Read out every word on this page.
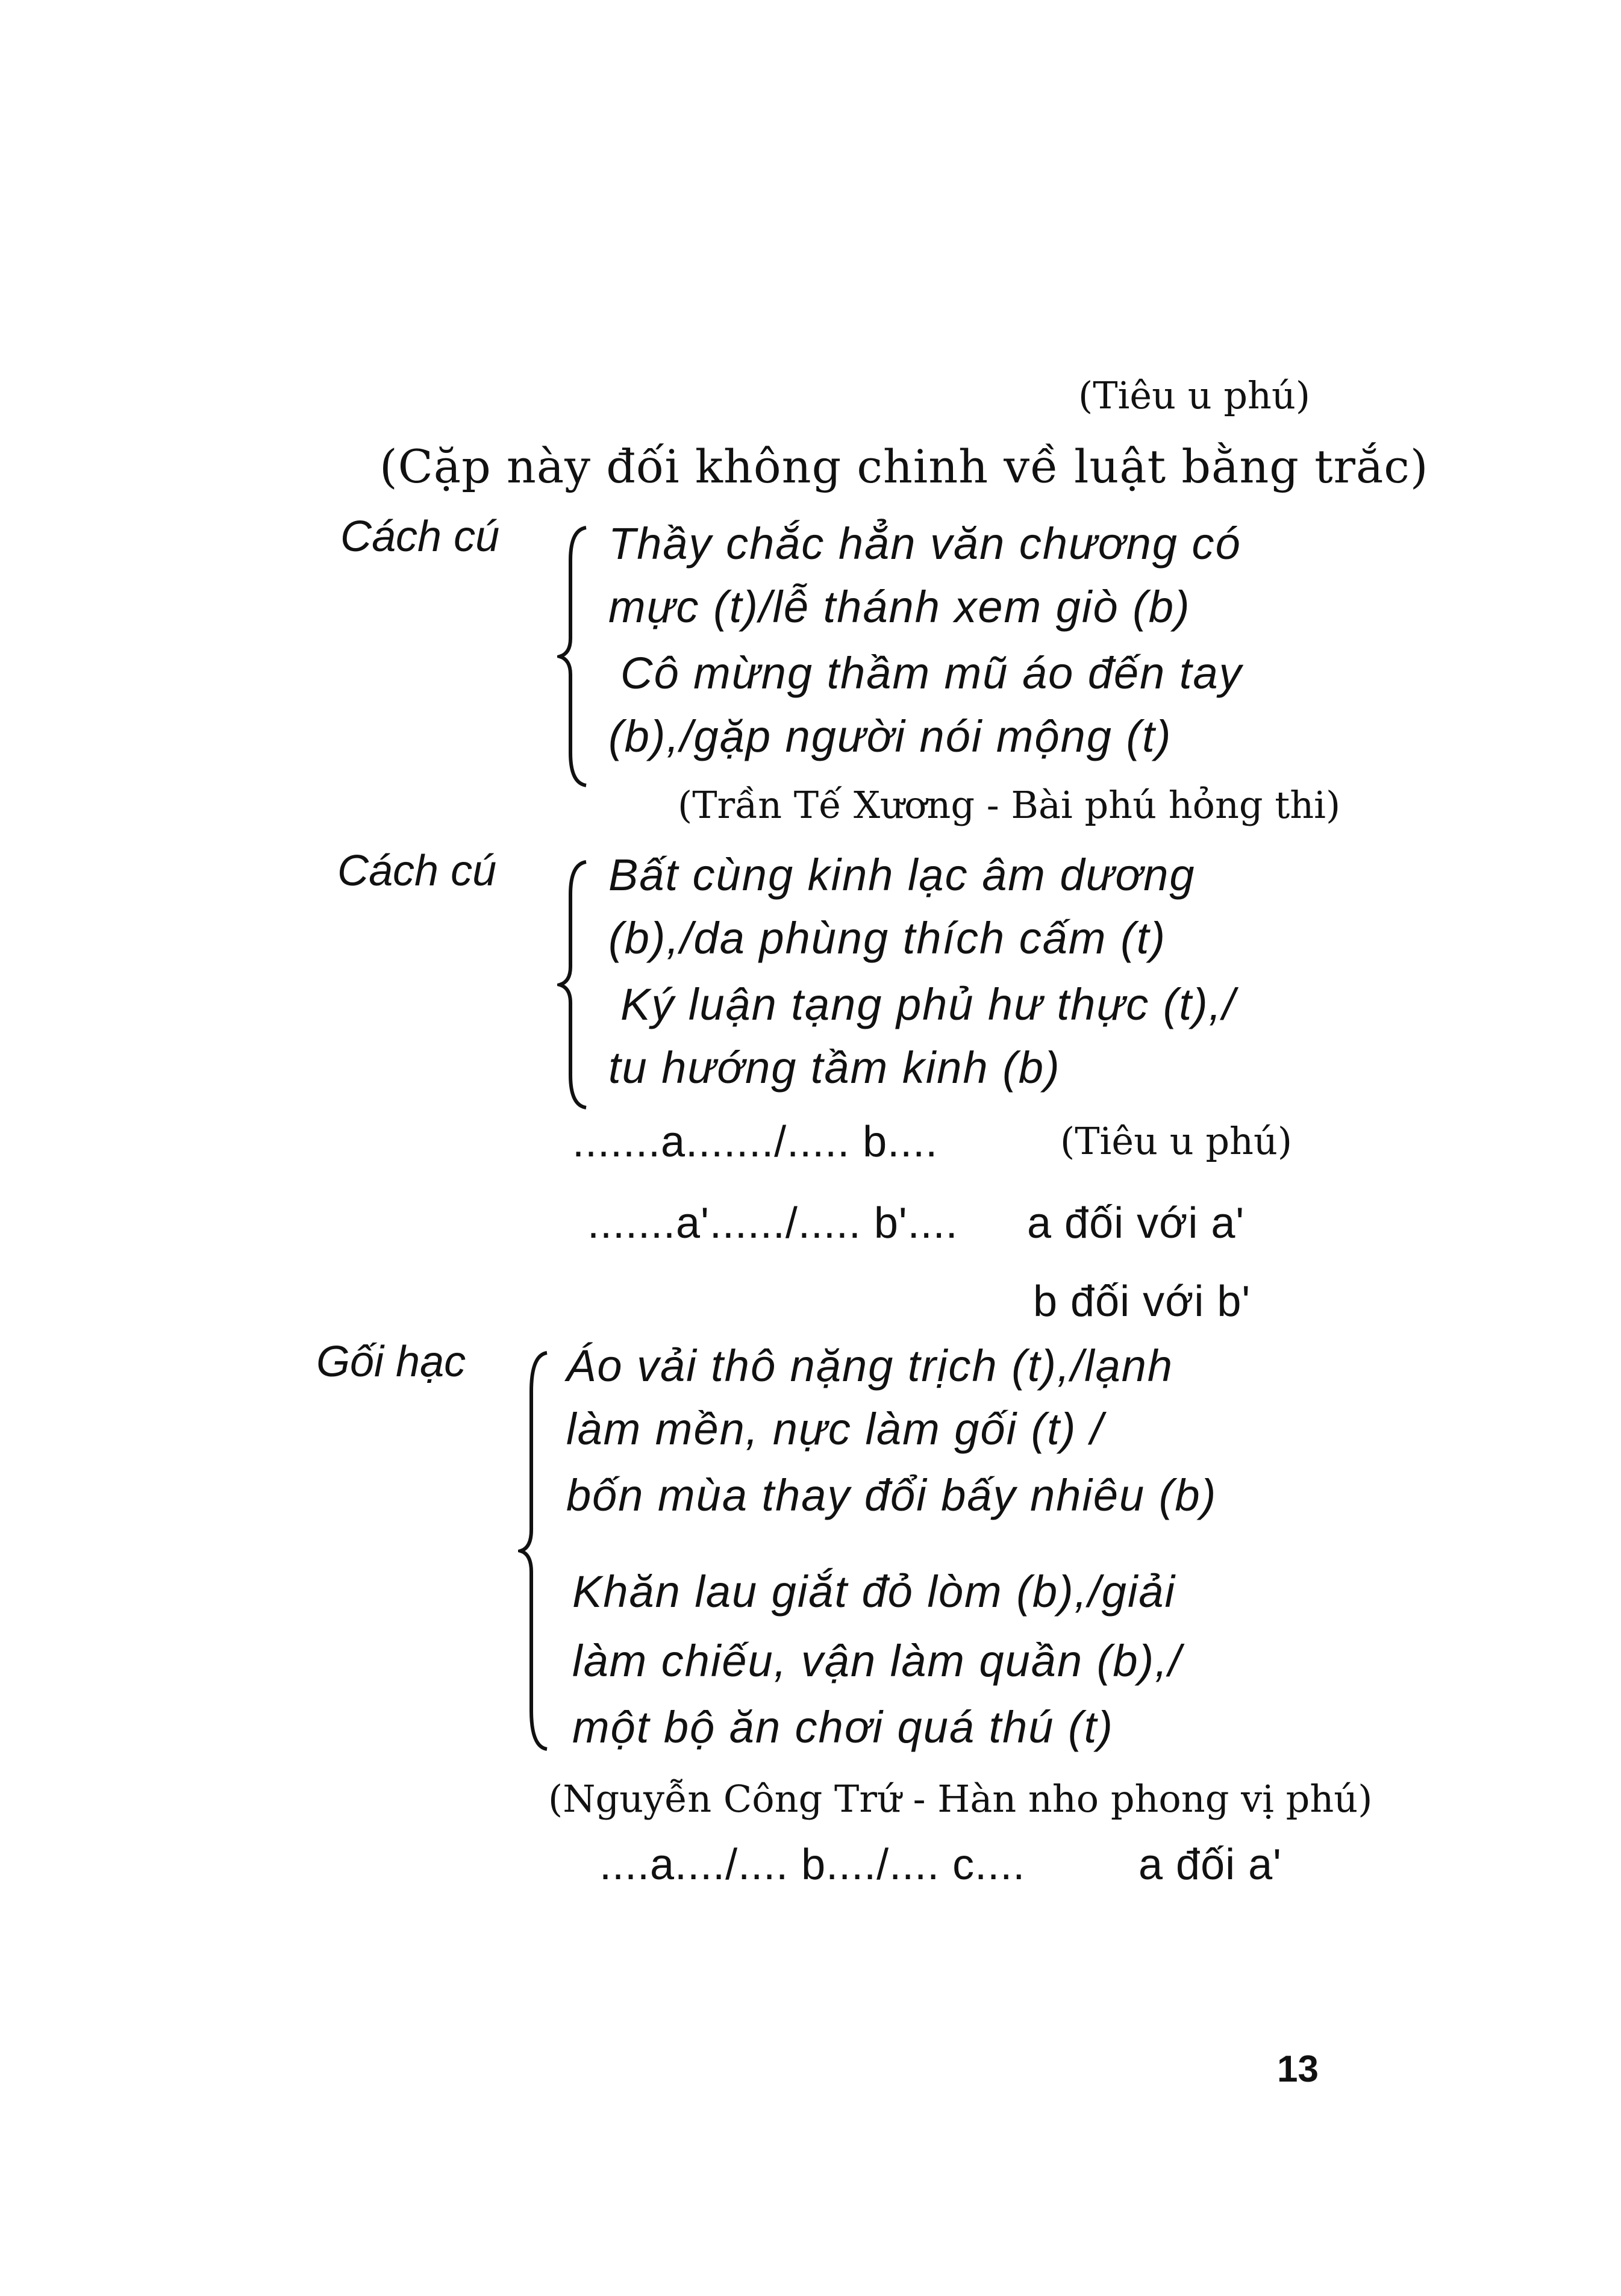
(Tiêu u phú)
(Cặp này đối không chinh về luật bằng trắc)
Cách cú Thầy chắc hẳn văn chương có
mực (t)/lễ thánh xem giò (b)
Cô mừng thầm mũ áo đến tay
(b),/gặp người nói mộng (t)
(Trần Tế Xương - Bài phú hỏng thi)
Cách cú	Bất cùng kinh lạc âm dương
(b),/da phùng thích cấm (t)
Ký luận tạng phủ hư thực (t),/
tu hướng tầm kinh (b)
.......a......./..... b....	(Tiêu u phú)
.......a'....../..... b'.... a đối với a'
b đối với b'
Gối hạc Áo vải thô nặng trịch (t),/lạnh
làm mền, nực làm gối (t) /
bốn mùa thay đổi bấy nhiêu (b)
Khăn lau giắt đỏ lòm (b),/giải
làm chiếu, vận làm quần (b),/
một bộ ăn chơi quá thú (t)
(Nguyễn Công Trứ - Hàn nho phong vị phú)
....a..../.... b..../.... c....	a đối a'
13
